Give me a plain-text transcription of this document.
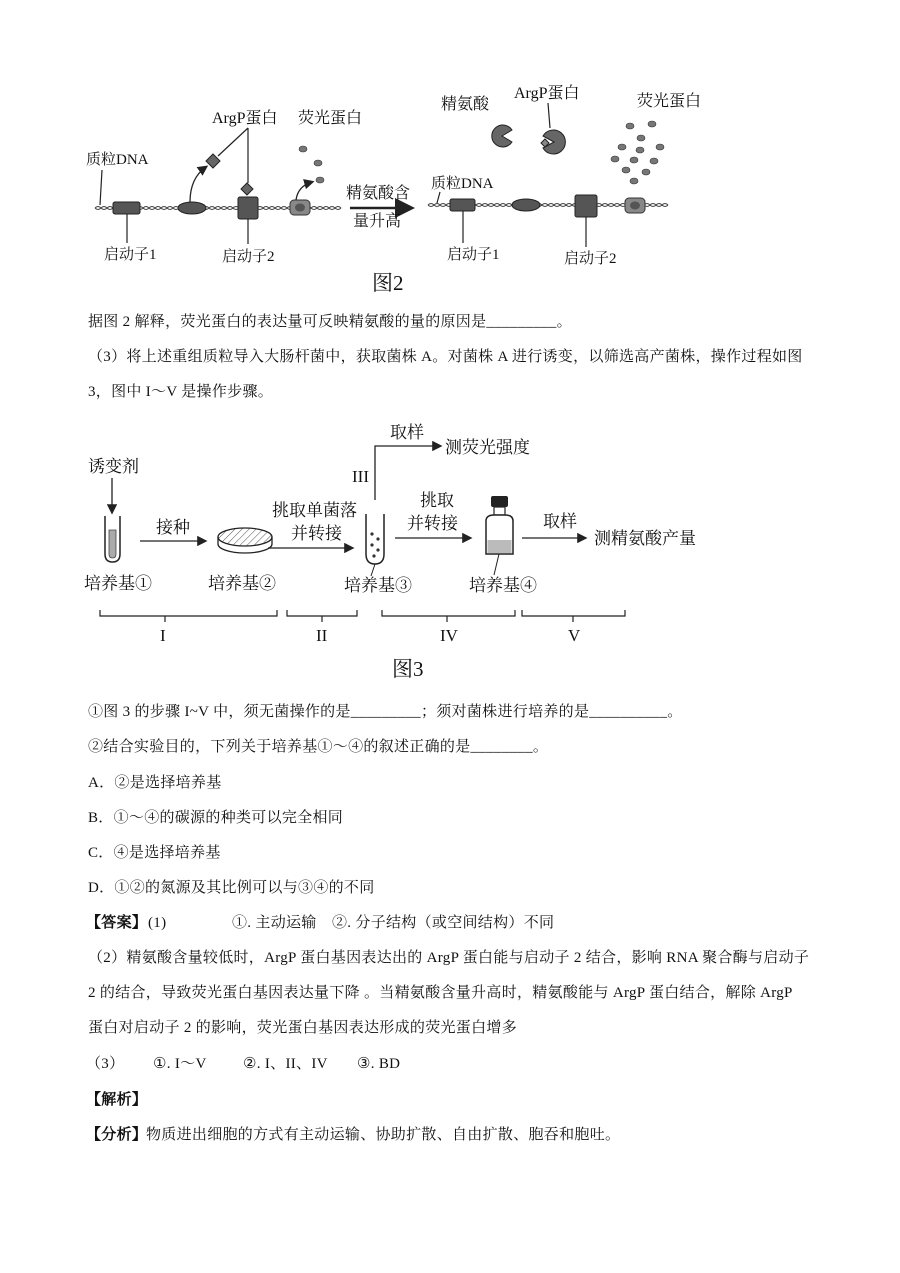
质粒DNA
启动子1
ArgP蛋白
启动子2
荧光蛋白
精氨酸含
量升高
质粒DNA
启动子1	启动子2
精氨酸
ArgP蛋白	荧光蛋白
图2
据图 2 解释，荧光蛋白的表达量可反映精氨酸的量的原因是_________。
（3）将上述重组质粒导入大肠杆菌中，获取菌株 A。对菌株 A 进行诱变，以筛选高产菌株，操作过程如图
3，图中 I～V 是操作步骤。
诱变剂
培养基①
接种
培养基②
挑取单菌落
并转接
培养基③
III
取样
测荧光强度
挑取
并转接
培养基④
取样
测精氨酸产量
I	II	IV	V
图3
①图 3 的步骤 I~V 中，须无菌操作的是_________；须对菌株进行培养的是__________。
②结合实验目的，下列关于培养基①～④的叙述正确的是________。
A．②是选择培养基
B．①～④的碳源的种类可以完全相同
C．④是选择培养基
D．①②的氮源及其比例可以与③④的不同
【答案】 (1)	①. 主动运输 ②. 分子结构（或空间结构）不同
（2）精氨酸含量较低时，ArgP 蛋白基因表达出的 ArgP 蛋白能与启动子 2 结合，影响 RNA 聚合酶与启动子
2 的结合，导致荧光蛋白基因表达量下降 。当精氨酸含量升高时，精氨酸能与 ArgP 蛋白结合，解除 ArgP
蛋白对启动子 2 的影响，荧光蛋白基因表达形成的荧光蛋白增多
（3） ①. I～V ②. I、II、IV ③. BD
【解析】
【分析】
物质进出细胞的方式有主动运输、协助扩散、自由扩散、胞吞和胞吐。
